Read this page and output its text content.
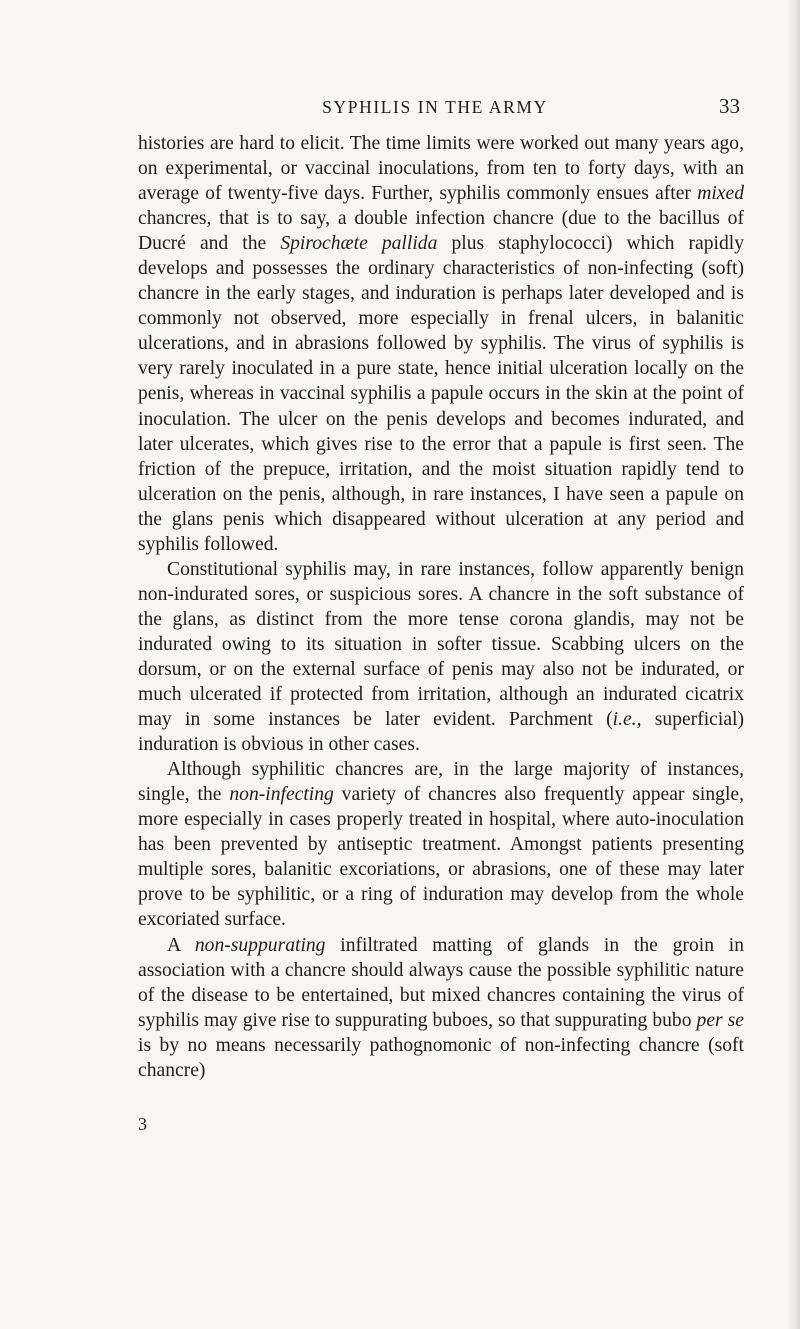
SYPHILIS IN THE ARMY	33

histories are hard to elicit. The time limits were worked out many years ago, on experimental, or vaccinal inoculations, from ten to forty days, with an average of twenty-five days. Further, syphilis commonly ensues after mixed chancres, that is to say, a double infection chancre (due to the bacillus of Ducré and the Spirochæte pallida plus staphylococci) which rapidly develops and possesses the ordinary characteristics of non-infecting (soft) chancre in the early stages, and induration is perhaps later developed and is commonly not observed, more especially in frenal ulcers, in balanitic ulcerations, and in abrasions followed by syphilis. The virus of syphilis is very rarely inoculated in a pure state, hence initial ulceration locally on the penis, whereas in vaccinal syphilis a papule occurs in the skin at the point of inoculation. The ulcer on the penis develops and becomes indurated, and later ulcerates, which gives rise to the error that a papule is first seen. The friction of the prepuce, irritation, and the moist situation rapidly tend to ulceration on the penis, although, in rare instances, I have seen a papule on the glans penis which disappeared without ulceration at any period and syphilis followed.

Constitutional syphilis may, in rare instances, follow apparently benign non-indurated sores, or suspicious sores. A chancre in the soft substance of the glans, as distinct from the more tense corona glandis, may not be indurated owing to its situation in softer tissue. Scabbing ulcers on the dorsum, or on the external surface of penis may also not be indurated, or much ulcerated if protected from irritation, although an indurated cicatrix may in some instances be later evident. Parchment (i.e., superficial) induration is obvious in other cases.

Although syphilitic chancres are, in the large majority of instances, single, the non-infecting variety of chancres also frequently appear single, more especially in cases properly treated in hospital, where auto-inoculation has been prevented by antiseptic treatment. Amongst patients presenting multiple sores, balanitic excoriations, or abrasions, one of these may later prove to be syphilitic, or a ring of induration may develop from the whole excoriated surface.

A non-suppurating infiltrated matting of glands in the groin in association with a chancre should always cause the possible syphilitic nature of the disease to be entertained, but mixed chancres containing the virus of syphilis may give rise to suppurating buboes, so that suppurating bubo per se is by no means necessarily pathognomonic of non-infecting chancre (soft chancre)

3
